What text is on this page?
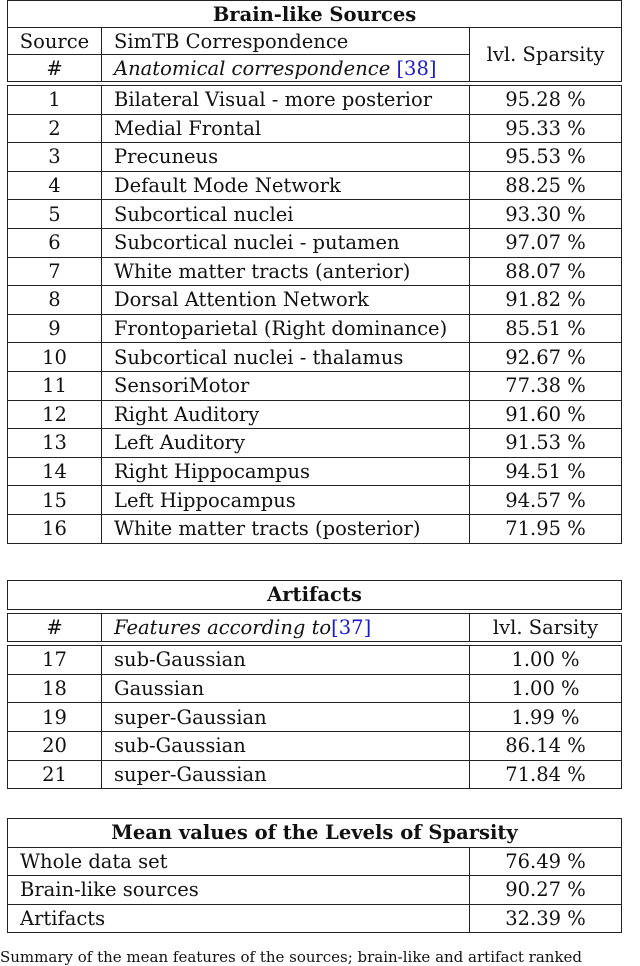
Brain-like Sources		
Source	SimTB Correspondence	lvl. Sparsity
#	Anatomical correspondence [38]	

1	Bilateral Visual - more posterior	95.28 %
2	Medial Frontal	95.33 %
3	Precuneus	95.53 %
4	Default Mode Network	88.25 %
5	Subcortical nuclei	93.30 %
6	Subcortical nuclei - putamen	97.07 %
7	White matter tracts (anterior)	88.07 %
8	Dorsal Attention Network	91.82 %
9	Frontoparietal (Right dominance)	85.51 %
10	Subcortical nuclei - thalamus	92.67 %
11	SensoriMotor	77.38 %
12	Right Auditory	91.60 %
13	Left Auditory	91.53 %
14	Right Hippocampus	94.51 %
15	Left Hippocampus	94.57 %
16	White matter tracts (posterior)	71.95 %
Artifacts		

#	Features according to[37]	lvl. Sarsity

17	sub-Gaussian	1.00 %
18	Gaussian	1.00 %
19	super-Gaussian	1.99 %
20	sub-Gaussian	86.14 %
21	super-Gaussian	71.84 %
Mean values of the Levels of Sparsity	
Whole data set	76.49 %
Brain-like sources	90.27 %
Artifacts	32.39 %
Summary of the mean features of the sources; brain-like and artifact ranked
